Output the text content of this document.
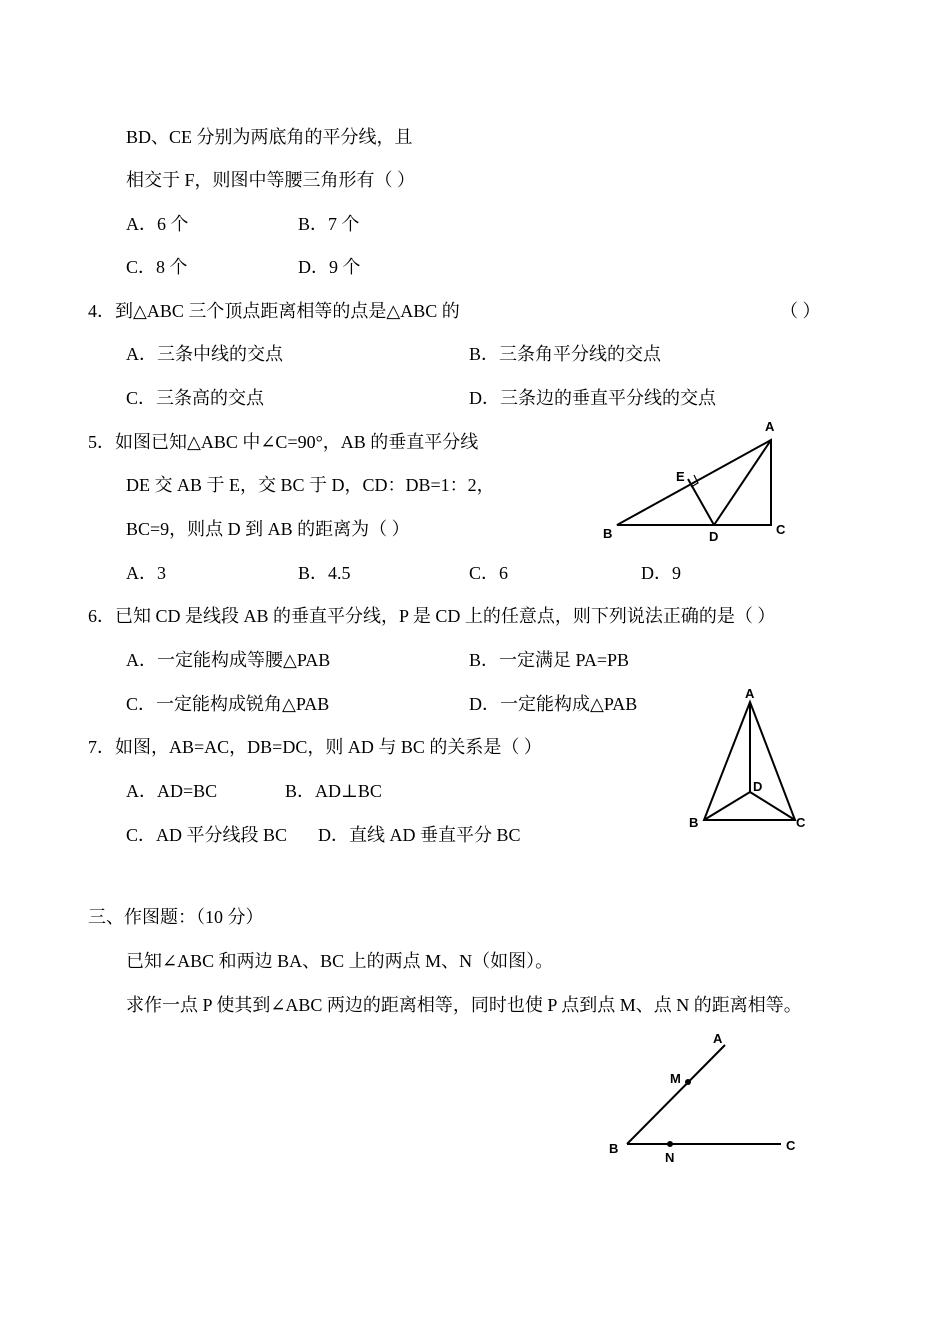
BD、CE 分别为两底角的平分线，且
相交于 F，则图中等腰三角形有（ ）
A．6 个	B．7 个
C．8 个	D．9 个
4．到△ABC 三个顶点距离相等的点是△ABC 的	（ ）
A．三条中线的交点	B．三条角平分线的交点
C．三条高的交点	D．三条边的垂直平分线的交点
5．如图已知△ABC 中∠C=90°，AB 的垂直平分线
DE 交 AB 于 E，交 BC 于 D，CD：DB=1：2，
BC=9，则点 D 到 AB 的距离为（ ）
A．3	B．4.5	C．6	D．9
A
B	C
D
E
6．已知 CD 是线段 AB 的垂直平分线，P 是 CD 上的任意点，则下列说法正确的是（ ）
A．一定能构成等腰△PAB	B．一定满足 PA=PB
C．一定能构成锐角△PAB	D．一定能构成△PAB
7．如图，AB=AC，DB=DC，则 AD 与 BC 的关系是（ ）
A．AD=BC	B．AD⊥BC
C．AD 平分线段 BC D．直线 AD 垂直平分 BC
A
B	C
D
三、作图题：（10 分）
已知∠ABC 和两边 BA、BC 上的两点 M、N（如图）。
求作一点 P 使其到∠ABC 两边的距离相等，同时也使 P 点到点 M、点 N 的距离相等。
A
B	C
M
N
